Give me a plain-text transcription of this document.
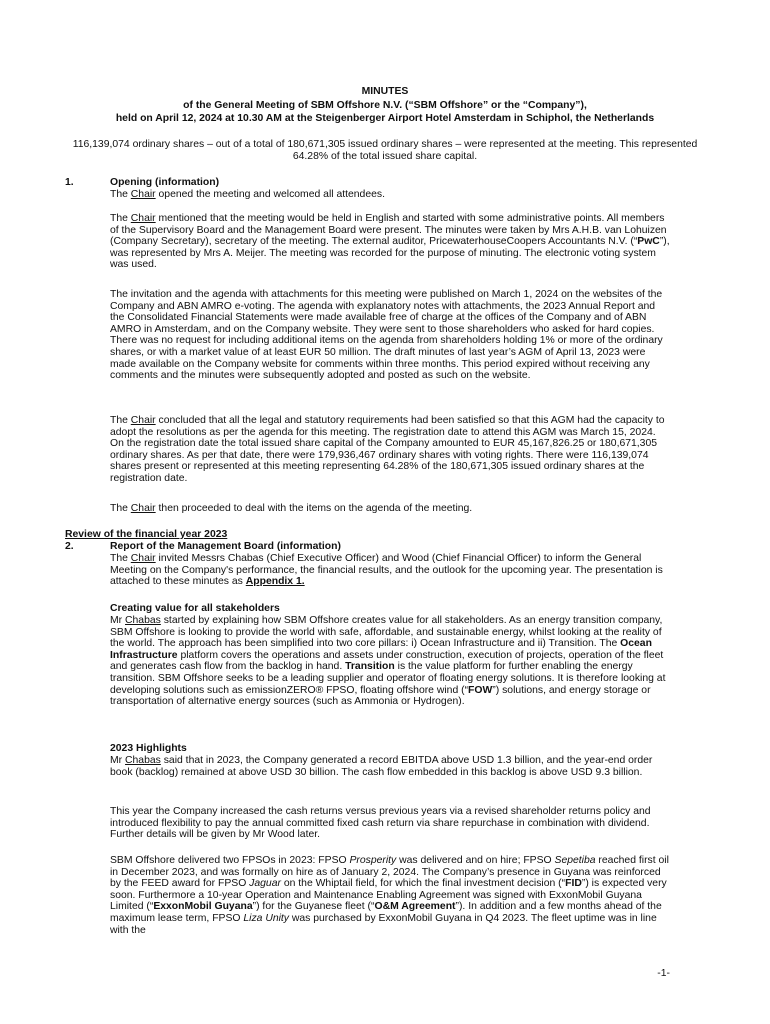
MINUTES
of the General Meeting of SBM Offshore N.V. (“SBM Offshore” or the “Company”),
held on April 12, 2024 at 10.30 AM at the Steigenberger Airport Hotel Amsterdam in Schiphol, the Netherlands
116,139,074 ordinary shares – out of a total of 180,671,305 issued ordinary shares – were represented at the meeting. This represented 64.28% of the total issued share capital.
1.	Opening (information)
The Chair opened the meeting and welcomed all attendees.
The Chair mentioned that the meeting would be held in English and started with some administrative points. All members of the Supervisory Board and the Management Board were present. The minutes were taken by Mrs A.H.B. van Lohuizen (Company Secretary), secretary of the meeting. The external auditor, PricewaterhouseCoopers Accountants N.V. (“PwC”), was represented by Mrs A. Meijer. The meeting was recorded for the purpose of minuting. The electronic voting system was used.
The invitation and the agenda with attachments for this meeting were published on March 1, 2024 on the websites of the Company and ABN AMRO e-voting. The agenda with explanatory notes with attachments, the 2023 Annual Report and the Consolidated Financial Statements were made available free of charge at the offices of the Company and of ABN AMRO in Amsterdam, and on the Company website. They were sent to those shareholders who asked for hard copies. There was no request for including additional items on the agenda from shareholders holding 1% or more of the ordinary shares, or with a market value of at least EUR 50 million. The draft minutes of last year’s AGM of April 13, 2023 were made available on the Company website for comments within three months. This period expired without receiving any comments and the minutes were subsequently adopted and posted as such on the website.
The Chair concluded that all the legal and statutory requirements had been satisfied so that this AGM had the capacity to adopt the resolutions as per the agenda for this meeting. The registration date to attend this AGM was March 15, 2024. On the registration date the total issued share capital of the Company amounted to EUR 45,167,826.25 or 180,671,305 ordinary shares. As per that date, there were 179,936,467 ordinary shares with voting rights. There were 116,139,074 shares present or represented at this meeting representing 64.28% of the 180,671,305 issued ordinary shares at the registration date.
The Chair then proceeded to deal with the items on the agenda of the meeting.
Review of the financial year 2023
2.	Report of the Management Board (information)
The Chair invited Messrs Chabas (Chief Executive Officer) and Wood (Chief Financial Officer) to inform the General Meeting on the Company's performance, the financial results, and the outlook for the upcoming year. The presentation is attached to these minutes as Appendix 1.
Creating value for all stakeholders
Mr Chabas started by explaining how SBM Offshore creates value for all stakeholders. As an energy transition company, SBM Offshore is looking to provide the world with safe, affordable, and sustainable energy, whilst looking at the reality of the world. The approach has been simplified into two core pillars: i) Ocean Infrastructure and ii) Transition. The Ocean Infrastructure platform covers the operations and assets under construction, execution of projects, operation of the fleet and generates cash flow from the backlog in hand. Transition is the value platform for further enabling the energy transition. SBM Offshore seeks to be a leading supplier and operator of floating energy solutions. It is therefore looking at developing solutions such as emissionZERO® FPSO, floating offshore wind (“FOW”) solutions, and energy storage or transportation of alternative energy sources (such as Ammonia or Hydrogen).
2023 Highlights
Mr Chabas said that in 2023, the Company generated a record EBITDA above USD 1.3 billion, and the year-end order book (backlog) remained at above USD 30 billion. The cash flow embedded in this backlog is above USD 9.3 billion.
This year the Company increased the cash returns versus previous years via a revised shareholder returns policy and introduced flexibility to pay the annual committed fixed cash return via share repurchase in combination with dividend. Further details will be given by Mr Wood later.
SBM Offshore delivered two FPSOs in 2023: FPSO Prosperity was delivered and on hire; FPSO Sepetiba reached first oil in December 2023, and was formally on hire as of January 2, 2024. The Company’s presence in Guyana was reinforced by the FEED award for FPSO Jaguar on the Whiptail field, for which the final investment decision (“FID”) is expected very soon. Furthermore a 10-year Operation and Maintenance Enabling Agreement was signed with ExxonMobil Guyana Limited (“ExxonMobil Guyana”) for the Guyanese fleet (“O&M Agreement”). In addition and a few months ahead of the maximum lease term, FPSO Liza Unity was purchased by ExxonMobil Guyana in Q4 2023. The fleet uptime was in line with the
-1-
